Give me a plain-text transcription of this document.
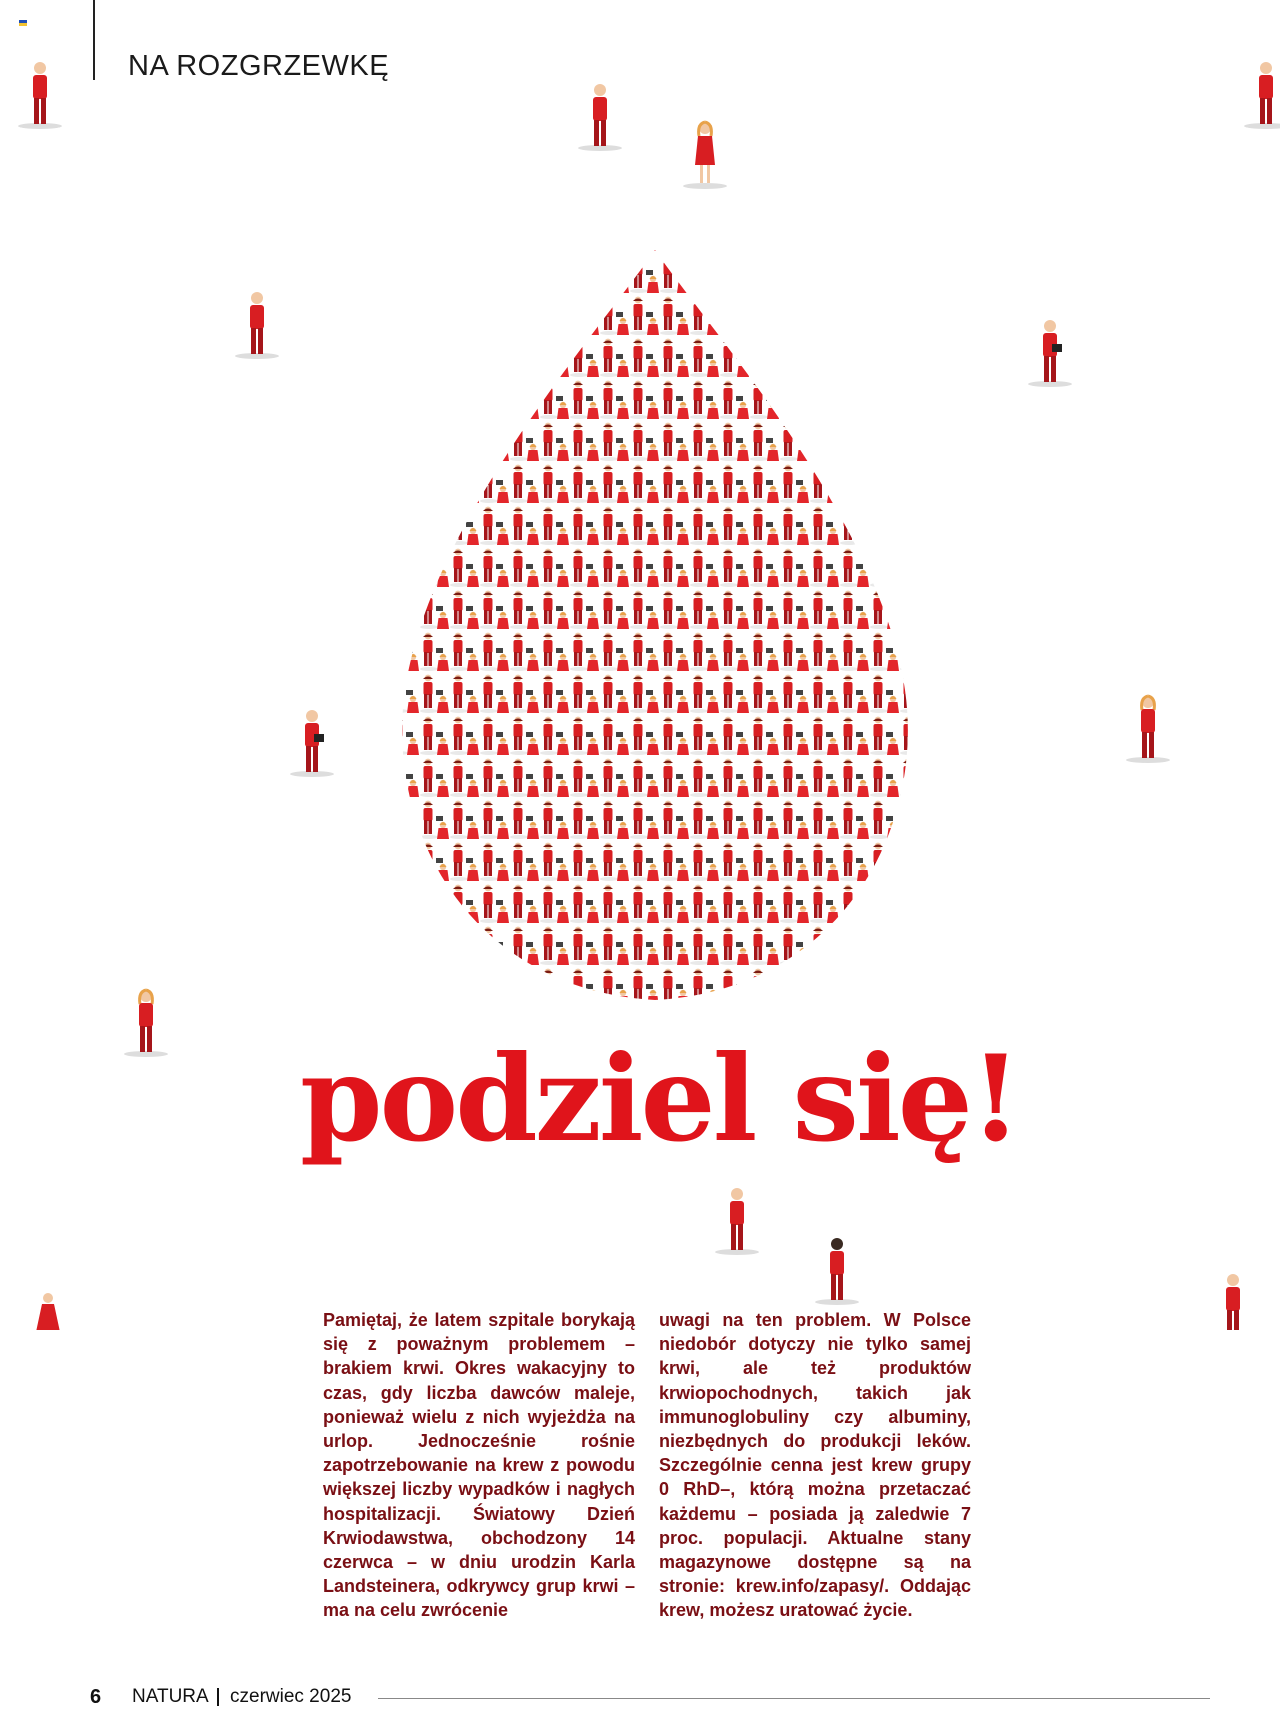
NA ROZGRZEWKĘ
podziel się!

Pamiętaj, że latem szpitale borykają się z poważnym problemem – brakiem krwi. Okres wakacyjny to czas, gdy liczba dawców maleje, ponieważ wielu z nich wyjeżdża na urlop. Jednocześnie rośnie zapotrzebowanie na krew z powodu większej liczby wypadków i nagłych hospitalizacji. Światowy Dzień Krwiodawstwa, obchodzony 14 czerwca – w dniu urodzin Karla Landsteinera, odkrywcy grup krwi – ma na celu zwrócenie

uwagi na ten problem. W Polsce niedobór dotyczy nie tylko samej krwi, ale też produktów krwiopochodnych, takich jak immunoglobuliny czy albuminy, niezbędnych do produkcji leków. Szczególnie cenna jest krew grupy 0 RhD–, którą można przetaczać każdemu – posiada ją zaledwie 7 proc. populacji. Aktualne stany magazynowe dostępne są na stronie: krew.info/zapasy/. Oddając krew, możesz uratować życie.

6 NATURA czerwiec 2025
